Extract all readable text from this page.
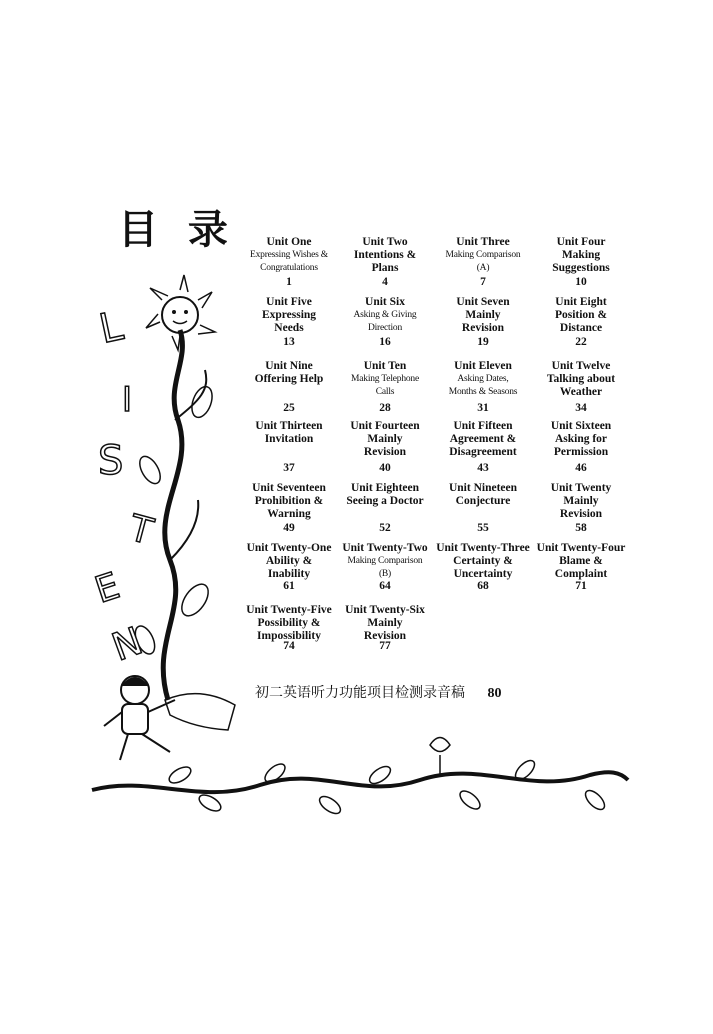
L
I
S
T
E
N
目 录	Unit One
Expressing Wishes &
Congratulations
1
Unit Two
Intentions &
Plans
4
Unit Three
Making Comparison
(A)
7
Unit Four
Making
Suggestions
10
Unit Five
Expressing
Needs
13
Unit Six
Asking & Giving
Direction
16
Unit Seven
Mainly
Revision
19
Unit Eight
Position &
Distance
22
Unit Nine
Offering Help
25
Unit Ten
Making Telephone
Calls
28
Unit Eleven
Asking Dates,
Months & Seasons
31
Unit Twelve
Talking about
Weather
34
Unit Thirteen
Invitation
37
Unit Fourteen
Mainly
Revision
40
Unit Fifteen
Agreement &
Disagreement
43
Unit Sixteen
Asking for
Permission
46
Unit Seventeen
Prohibition &
Warning
49
Unit Eighteen
Seeing a Doctor
52
Unit Nineteen
Conjecture
55
Unit Twenty
Mainly
Revision
58
Unit Twenty-One
Ability &
Inability
61
Unit Twenty-Two
Making Comparison
(B)
64
Unit Twenty-Three
Certainty &
Uncertainty
68
Unit Twenty-Four
Blame &
Complaint
71
Unit Twenty-Five
Possibility &
Impossibility
74
Unit Twenty-Six
Mainly
Revision
77
初二英语听力功能项目检测录音稿 80
